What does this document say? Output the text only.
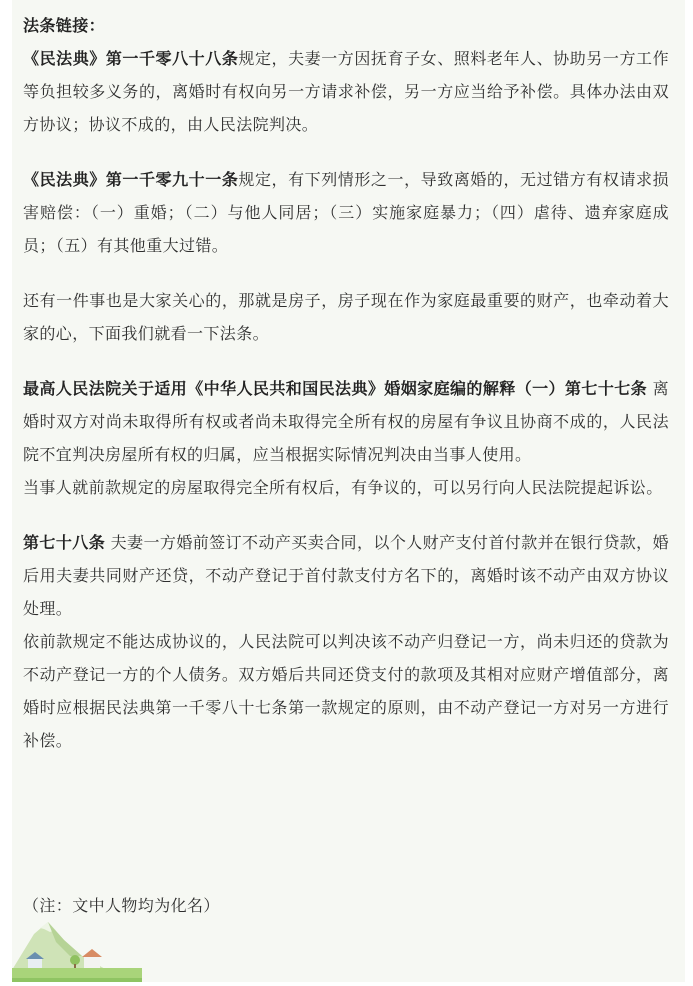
法条链接：

《民法典》第一千零八十八条规定，夫妻一方因抚育子女、照料老年人、协助另一方工作等负担较多义务的，离婚时有权向另一方请求补偿，另一方应当给予补偿。具体办法由双方协议；协议不成的，由人民法院判决。

《民法典》第一千零九十一条规定，有下列情形之一，导致离婚的，无过错方有权请求损害赔偿：（一）重婚；（二）与他人同居；（三）实施家庭暴力；（四）虐待、遗弃家庭成员；（五）有其他重大过错。

还有一件事也是大家关心的，那就是房子，房子现在作为家庭最重要的财产，也牵动着大家的心，下面我们就看一下法条。

最高人民法院关于适用《中华人民共和国民法典》婚姻家庭编的解释（一）第七十七条 离婚时双方对尚未取得所有权或者尚未取得完全所有权的房屋有争议且协商不成的，人民法院不宜判决房屋所有权的归属，应当根据实际情况判决由当事人使用。

当事人就前款规定的房屋取得完全所有权后，有争议的，可以另行向人民法院提起诉讼。

第七十八条 夫妻一方婚前签订不动产买卖合同，以个人财产支付首付款并在银行贷款，婚后用夫妻共同财产还贷，不动产登记于首付款支付方名下的，离婚时该不动产由双方协议处理。

依前款规定不能达成协议的，人民法院可以判决该不动产归登记一方，尚未归还的贷款为不动产登记一方的个人债务。双方婚后共同还贷支付的款项及其相对应财产增值部分，离婚时应根据民法典第一千零八十七条第一款规定的原则，由不动产登记一方对另一方进行补偿。

（注：文中人物均为化名）
